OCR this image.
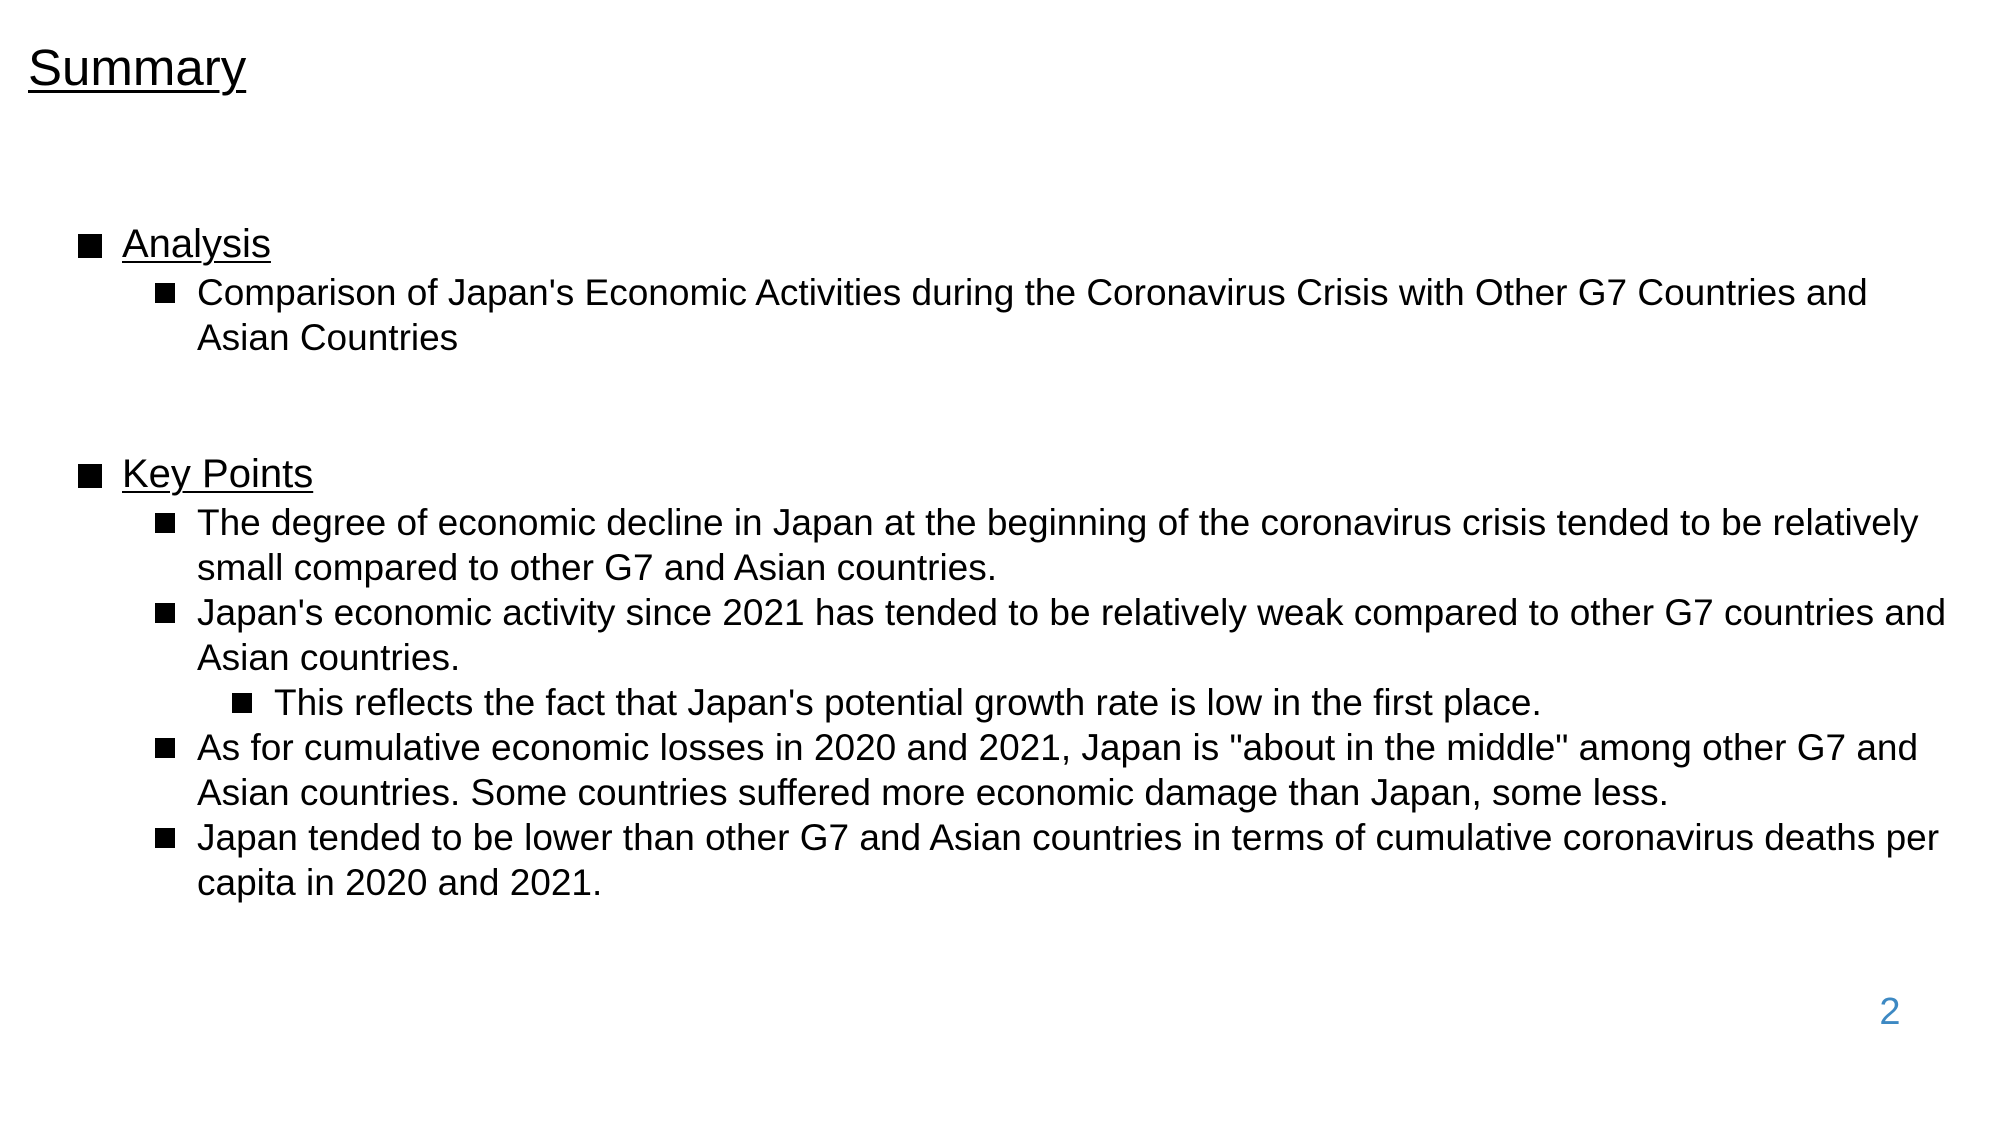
Summary
Analysis
Comparison of Japan's Economic Activities during the Coronavirus Crisis with Other G7 Countries and Asian Countries
Key Points
The degree of economic decline in Japan at the beginning of the coronavirus crisis tended to be relatively small compared to other G7 and Asian countries.
Japan's economic activity since 2021 has tended to be relatively weak compared to other G7 countries and Asian countries.
This reflects the fact that Japan's potential growth rate is low in the first place.
As for cumulative economic losses in 2020 and 2021, Japan is "about in the middle" among other G7 and Asian countries. Some countries suffered more economic damage than Japan, some less.
Japan tended to be lower than other G7 and Asian countries in terms of cumulative coronavirus deaths per capita in 2020 and 2021.
2
